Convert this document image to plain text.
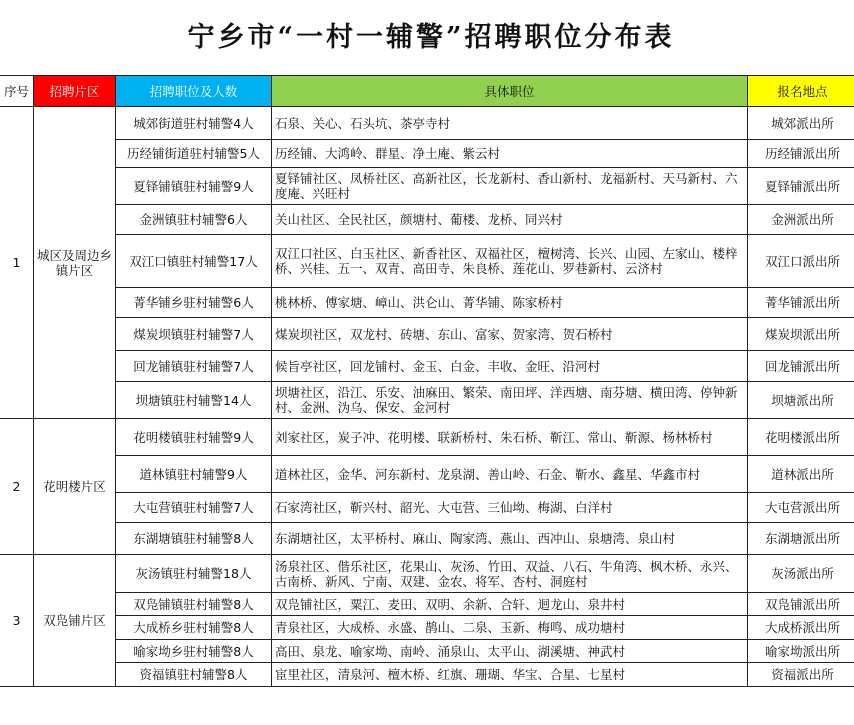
宁乡市“一村一辅警”招聘职位分布表
序号	招聘片区	招聘职位及人数	具体职位	报名地点
1	城区及周边乡镇片区	城郊街道驻村辅警4人	石泉、关心、石头坑、茶亭寺村	城郊派出所
		历经铺街道驻村辅警5人	历经铺、大鸿岭、群星、净土庵、紫云村	历经铺派出所
		夏铎铺镇驻村辅警9人	夏铎铺社区、凤桥社区、高新社区，长龙新村、香山新村、龙福新村、天马新村、六度庵、兴旺村	夏铎铺派出所
		金洲镇驻村辅警6人	关山社区、全民社区，颜塘村、葡楼、龙桥、同兴村	金洲派出所
		双江口镇驻村辅警17人	双江口社区、白玉社区、新香社区、双福社区，檀树湾、长兴、山园、左家山、楼梓桥、兴桂、五一、双青、高田寺、朱良桥、莲花山、罗巷新村、云济村	双江口派出所
		菁华铺乡驻村辅警6人	桃林桥、傅家塘、嶂山、洪仑山、菁华铺、陈家桥村	菁华铺派出所
		煤炭坝镇驻村辅警7人	煤炭坝社区，双龙村、砖塘、东山、富家、贺家湾、贺石桥村	煤炭坝派出所
		回龙铺镇驻村辅警7人	候旨亭社区，回龙铺村、金玉、白金、丰收、金旺、沿河村	回龙铺派出所
		坝塘镇驻村辅警14人	坝塘社区，沿江、乐安、油麻田、繁荣、南田坪、洋西塘、南芬塘、横田湾、停钟新村、金洲、沩乌、保安、金河村	坝塘派出所
2	花明楼片区	花明楼镇驻村辅警9人	刘家社区，炭子冲、花明楼、联新桥村、朱石桥、靳江、常山、靳源、杨林桥村	花明楼派出所
		道林镇驻村辅警9人	道林社区，金华、河东新村、龙泉湖、善山岭、石金、靳水、鑫星、华鑫市村	道林派出所
		大屯营镇驻村辅警7人	石家湾社区，靳兴村、韶光、大屯营、三仙坳、梅湖、白洋村	大屯营派出所
		东湖塘镇驻村辅警8人	东湖塘社区，太平桥村、麻山、陶家湾、燕山、西冲山、泉塘湾、泉山村	东湖塘派出所
3	双凫铺片区	灰汤镇驻村辅警18人	汤泉社区、偕乐社区，花果山、灰汤、竹田、双益、八石、牛角湾、枫木桥、永兴、古南桥、新风、宁南、双建、金农、将军、杏村、洞庭村	灰汤派出所
		双凫铺镇驻村辅警8人	双凫铺社区，粟江、麦田、双明、余新、合轩、迴龙山、泉井村	双凫铺派出所
		大成桥乡驻村辅警8人	青泉社区，大成桥、永盛、鹊山、二泉、玉新、梅鸣、成功塘村	大成桥派出所
		喻家坳乡驻村辅警8人	高田、泉龙、喻家坳、南岭、涌泉山、太平山、湖溪塘、神武村	喻家坳派出所
		资福镇驻村辅警8人	宦里社区，清泉河、檀木桥、红旗、珊瑚、华宝、合星、七星村	资福派出所
